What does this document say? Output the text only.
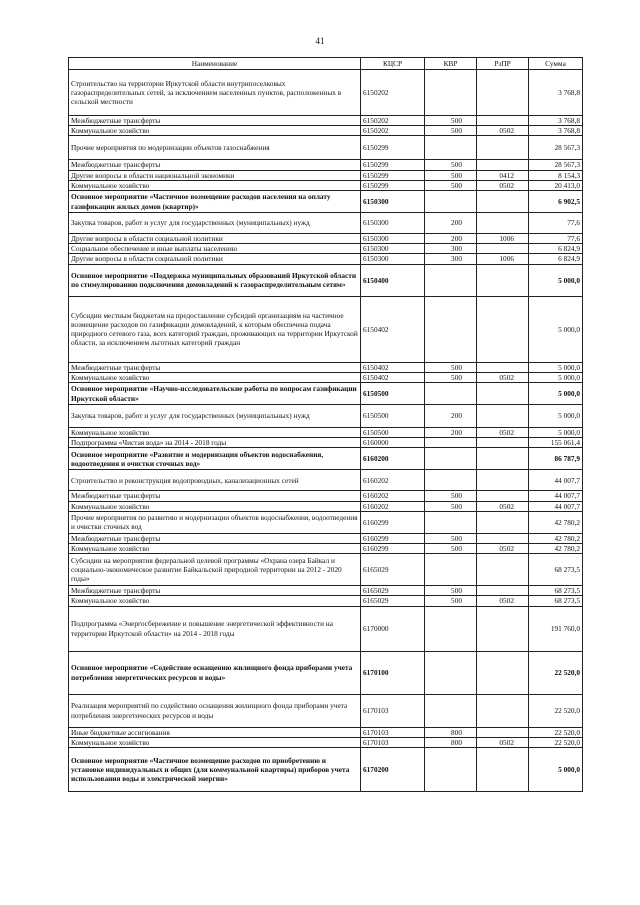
41
Наименование	КЦСР	КВР	РзПР	Сумма
Строительство на территории Иркутской области внутрипоселковых газораспределительных сетей, за исключением населенных пунктов, расположенных в сельской местности	6150202			3 768,8
Межбюджетные трансферты	6150202	500		3 768,8
Коммунальное хозяйство	6150202	500	0502	3 768,8
Прочие мероприятия по модернизации объектов газоснабжения	6150299			28 567,3
Межбюджетные трансферты	6150299	500		28 567,3
Другие вопросы в области национальной экономики	6150299	500	0412	8 154,3
Коммунальное хозяйство	6150299	500	0502	20 413,0
Основное мероприятие «Частичное возмещение расходов населения на оплату газификации жилых домов (квартир)»	6150300			6 902,5
Закупка товаров, работ и услуг для государственных (муниципальных) нужд	6150300	200		77,6
Другие вопросы в области социальной политики	6150300	200	1006	77,6
Социальное обеспечение и иные выплаты населению	6150300	300		6 824,9
Другие вопросы в области социальной политики	6150300	300	1006	6 824,9
Основное мероприятие «Поддержка муниципальных образований Иркутской области по стимулированию подключения домовладений к газораспределительным сетям»	6150400			5 000,0
Субсидии местным бюджетам на предоставление субсидий организациям на частичное возмещение расходов по газификации домовладений, к которым обеспечена подача природного сетевого газа, всех категорий граждан, проживающих на территории Иркутской области, за исключением льготных категорий граждан	6150402			5 000,0
Межбюджетные трансферты	6150402	500		5 000,0
Коммунальное хозяйство	6150402	500	0502	5 000,0
Основное мероприятие «Научно-исследовательские работы по вопросам газификации Иркутской области»	6150500			5 000,0
Закупка товаров, работ и услуг для государственных (муниципальных) нужд	6150500	200		5 000,0
Коммунальное хозяйство	6150500	200	0502	5 000,0
Подпрограмма «Чистая вода» на 2014 - 2018 годы	6160000			155 061,4
Основное мероприятие «Развитие и модернизация объектов водоснабжения, водоотведения и очистки сточных вод»	6160200			86 787,9
Строительство и реконструкция водопроводных, канализационных сетей	6160202			44 007,7
Межбюджетные трансферты	6160202	500		44 007,7
Коммунальное хозяйство	6160202	500	0502	44 007,7
Прочие мероприятия по развитию и модернизации объектов водоснабжения, водоотведения и очистки сточных вод	6160299			42 780,2
Межбюджетные трансферты	6160299	500		42 780,2
Коммунальное хозяйство	6160299	500	0502	42 780,2
Субсидии на мероприятия федеральной целевой программы «Охрана озера Байкал и социально-экономическое развитие Байкальской природной территории на 2012 - 2020 годы»	6165029			68 273,5
Межбюджетные трансферты	6165029	500		68 273,5
Коммунальное хозяйство	6165029	500	0502	68 273,5
Подпрограмма «Энергосбережение и повышение энергетической эффективности на территории Иркутской области» на 2014 - 2018 годы	6170000			191 760,0
Основное мероприятие «Содействие оснащению жилищного фонда приборами учета потребления энергетических ресурсов и воды»	6170100			22 520,0
Реализация мероприятий по содействию оснащения жилищного фонда приборами учета потребления энергетических ресурсов и воды	6170103			22 520,0
Иные бюджетные ассигнования	6170103	800		22 520,0
Коммунальное хозяйство	6170103	800	0502	22 520,0
Основное мероприятие «Частичное возмещение расходов по приобретению и установке индивидуальных и общих (для коммунальной квартиры) приборов учета использования воды и электрической энергии»	6170200			5 000,0
